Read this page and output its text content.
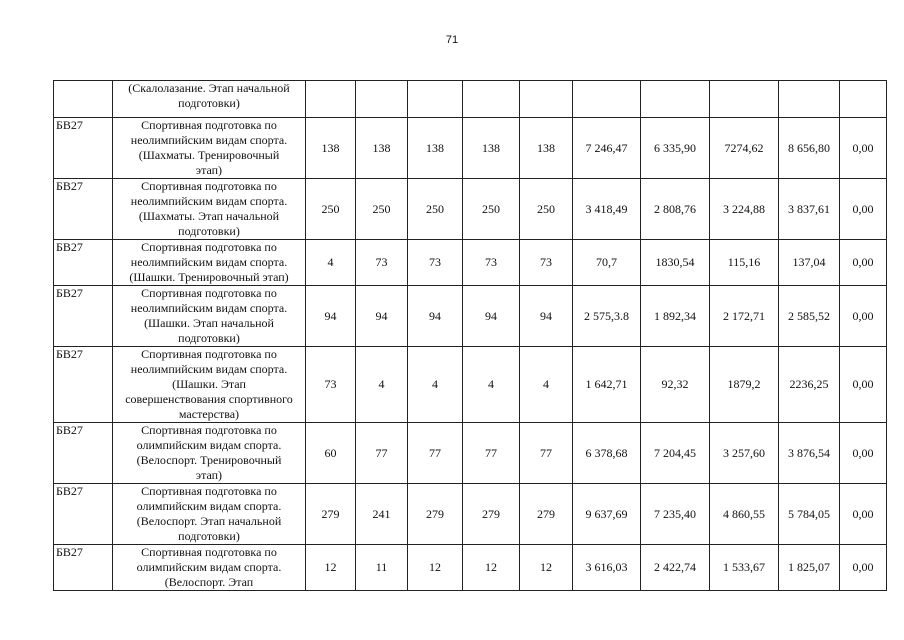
71

	(Скалолазание. Этап начальной
подготовки)										

БВ27	Спортивная подготовка по
неолимпийским видам спорта.
(Шахматы. Тренировочный
этап)	138	138	138	138	138	7 246,47	6 335,90	7274,62	8 656,80	0,00
БВ27	Спортивная подготовка по
неолимпийским видам спорта.
(Шахматы. Этап начальной
подготовки)	250	250	250	250	250	3 418,49	2 808,76	3 224,88	3 837,61	0,00
БВ27	Спортивная подготовка по
неолимпийским видам спорта.
(Шашки. Тренировочный этап)	4	73	73	73	73	70,7	1830,54	115,16	137,04	0,00
БВ27	Спортивная подготовка по
неолимпийским видам спорта.
(Шашки. Этап начальной
подготовки)	94	94	94	94	94	2 575,3.8	1 892,34	2 172,71	2 585,52	0,00
БВ27	Спортивная подготовка по
неолимпийским видам спорта.
(Шашки. Этап
совершенствования спортивного
мастерства)	73	4	4	4	4	1 642,71	92,32	1879,2	2236,25	0,00
БВ27	Спортивная подготовка по
олимпийским видам спорта.
(Велоспорт. Тренировочный
этап)	60	77	77	77	77	6 378,68	7 204,45	3 257,60	3 876,54	0,00
БВ27	Спортивная подготовка по
олимпийским видам спорта.
(Велоспорт. Этап начальной
подготовки)	279	241	279	279	279	9 637,69	7 235,40	4 860,55	5 784,05	0,00
БВ27	Спортивная подготовка по
олимпийским видам спорта.
(Велоспорт. Этап	12	11	12	12	12	3 616,03	2 422,74	1 533,67	1 825,07	0,00
